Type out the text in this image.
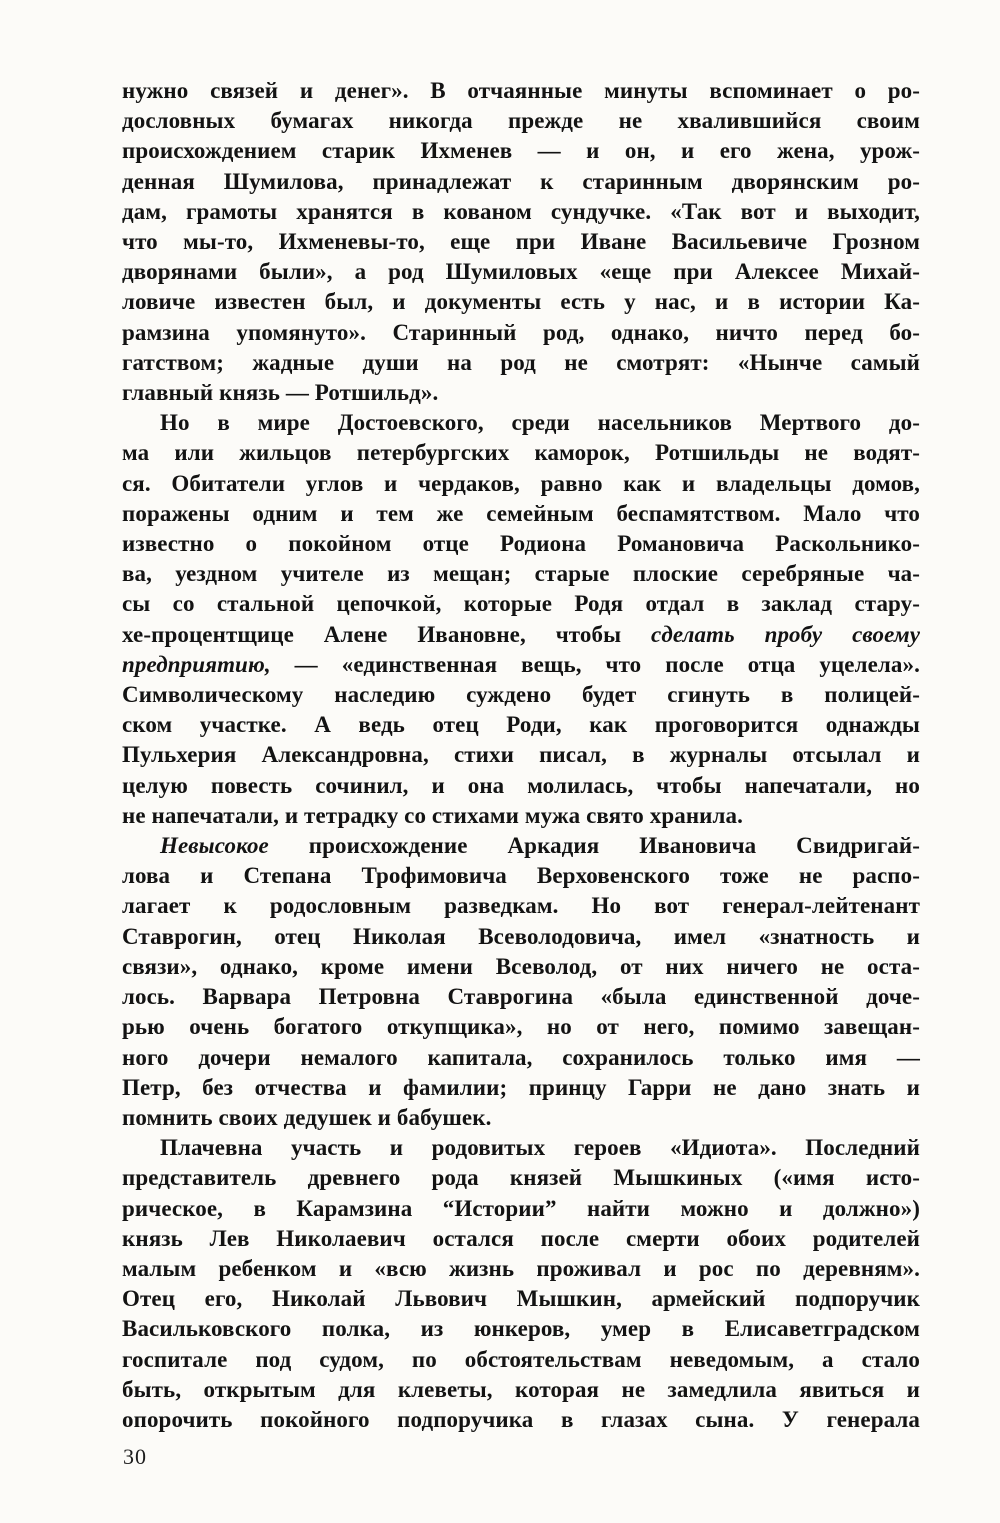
нужно связей и денег». В отчаянные минуты вспоминает о ро-
дословных бумагах никогда прежде не хвалившийся своим
происхождением старик Ихменев — и он, и его жена, урож-
денная Шумилова, принадлежат к старинным дворянским ро-
дам, грамоты хранятся в кованом сундучке. «Так вот и выходит,
что мы-то, Ихменевы-то, еще при Иване Васильевиче Грозном
дворянами были», а род Шумиловых «еще при Алексее Михай-
ловиче известен был, и документы есть у нас, и в истории Ка-
рамзина упомянуто». Старинный род, однако, ничто перед бо-
гатством; жадные души на род не смотрят: «Нынче самый
главный князь — Ротшильд».
Но в мире Достоевского, среди насельников Мертвого до-
ма или жильцов петербургских каморок, Ротшильды не водят-
ся. Обитатели углов и чердаков, равно как и владельцы домов,
поражены одним и тем же семейным беспамятством. Мало что
известно о покойном отце Родиона Романовича Раскольнико-
ва, уездном учителе из мещан; старые плоские серебряные ча-
сы со стальной цепочкой, которые Родя отдал в заклад стару-
хе-процентщице Алене Ивановне, чтобы сделать пробу своему
предприятию, — «единственная вещь, что после отца уцелела».
Символическому наследию суждено будет сгинуть в полицей-
ском участке. А ведь отец Роди, как проговорится однажды
Пульхерия Александровна, стихи писал, в журналы отсылал и
целую повесть сочинил, и она молилась, чтобы напечатали, но
не напечатали, и тетрадку со стихами мужа свято хранила.
Невысокое происхождение Аркадия Ивановича Свидригай-
лова и Степана Трофимовича Верховенского тоже не распо-
лагает к родословным разведкам. Но вот генерал-лейтенант
Ставрогин, отец Николая Всеволодовича, имел «знатность и
связи», однако, кроме имени Всеволод, от них ничего не оста-
лось. Варвара Петровна Ставрогина «была единственной доче-
рью очень богатого откупщика», но от него, помимо завещан-
ного дочери немалого капитала, сохранилось только имя —
Петр, без отчества и фамилии; принцу Гарри не дано знать и
помнить своих дедушек и бабушек.
Плачевна участь и родовитых героев «Идиота». Последний
представитель древнего рода князей Мышкиных («имя исто-
рическое, в Карамзина “Истории” найти можно и должно»)
князь Лев Николаевич остался после смерти обоих родителей
малым ребенком и «всю жизнь проживал и рос по деревням».
Отец его, Николай Львович Мышкин, армейский подпоручик
Васильковского полка, из юнкеров, умер в Елисаветградском
госпитале под судом, по обстоятельствам неведомым, а стало
быть, открытым для клеветы, которая не замедлила явиться и
опорочить покойного подпоручика в глазах сына. У генерала
30
